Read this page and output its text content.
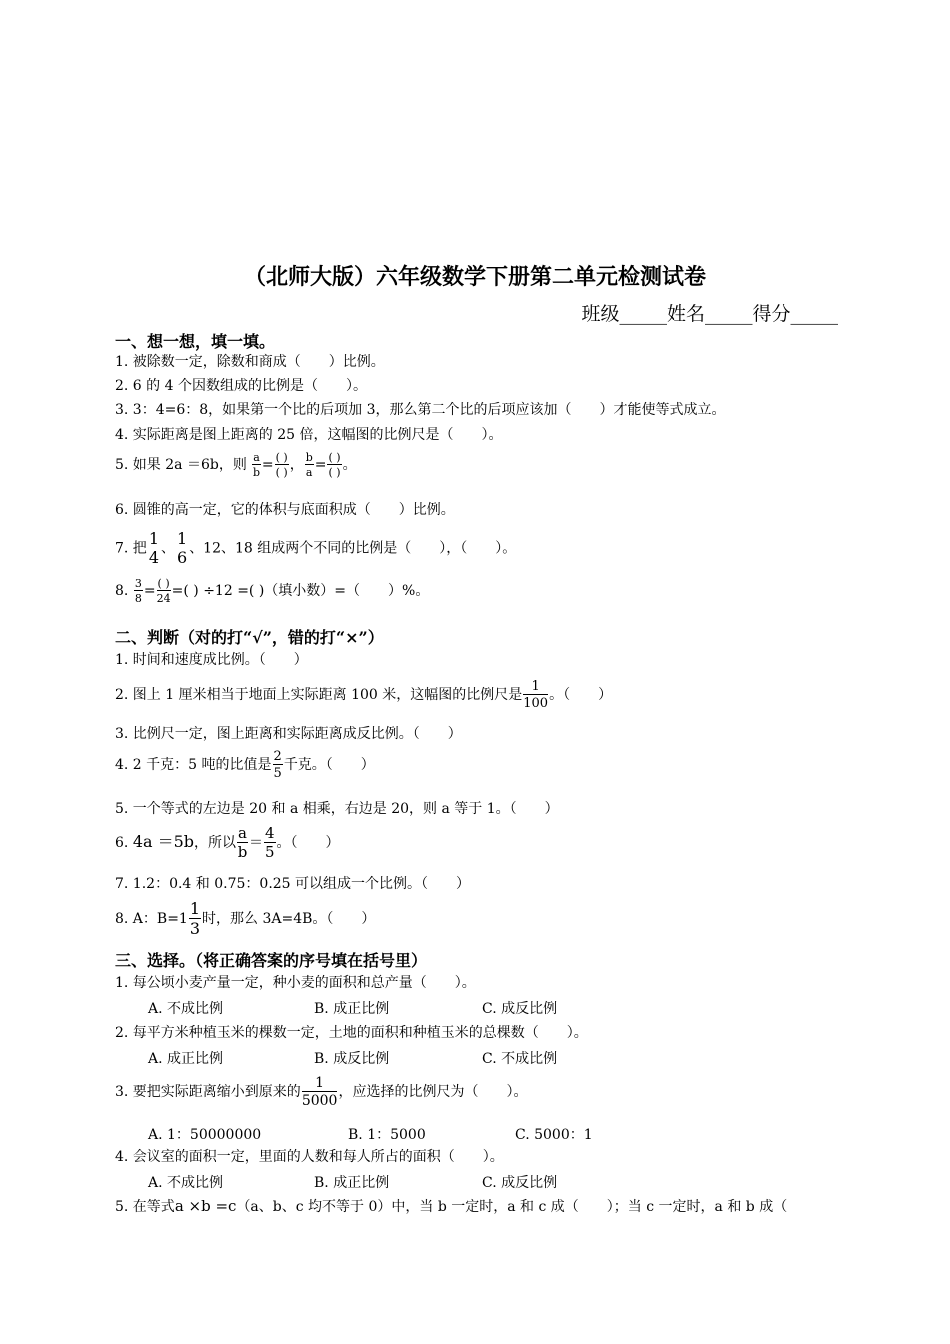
（北师大版）六年级数学下册第二单元检测试卷
班级_____姓名_____得分_____
一、想一想，填一填。
1. 被除数一定，除数和商成（　　）比例。
2. 6 的 4 个因数组成的比例是（　　）。
3. 3：4=6：8，如果第一个比的后项加 3，那么第二个比的后项应该加（　　）才能使等式成立。
4. 实际距离是图上距离的 25 倍，这幅图的比例尺是（　　）。
5. 如果 2a ＝6b，则 $\frac{a}{b} = \frac{( )}{( )}$ ， $\frac{b}{a} = \frac{( )}{( )}$ 。
6. 圆锥的高一定，它的体积与底面积成（　　）比例。
7. 把
1
4 、
1
6 、12、18 组成两个不同的比例是（　　），（　　）。
8. $\frac{3}{8} = \frac{( )}{24}$ =( ) ÷12 =( )（填小数）=（　　）%。
二、判断（对的打“√”，错的打“×”）
1. 时间和速度成比例。（　　）
2. 图上 1 厘米相当于地面上实际距离 100 米，这幅图的比例尺是 $\frac{1}{100}$ 。（　　）
3. 比例尺一定，图上距离和实际距离成反比例。（　　）
4. 2 千克：5 吨的比值是 $\frac{2}{5}$ 千克。（　　）
5. 一个等式的左边是 20 和 a 相乘，右边是 20，则 a 等于 1。（　　）
6. 4a ＝5b，所以 $\frac{a}{b} = \frac{4}{5}$ 。（　　）
7. 1.2：0.4 和 0.75：0.25 可以组成一个比例。（　　）
8. A：$B=1 \frac{1}{3}$ 时，那么 3A=4B。（　　）
三、选择。（将正确答案的序号填在括号里）
1. 每公顷小麦产量一定，种小麦的面积和总产量（　　）。
A. 不成比例	B. 成正比例	C. 成反比例
2. 每平方米种植玉米的棵数一定，土地的面积和种植玉米的总棵数（　　）。
A. 成正比例	B. 成反比例	C. 不成比例
3. 要把实际距离缩小到原来的 $\frac{1}{5000}$ ，应选择的比例尺为（　　）。
A. 1：50000000	B. 1：5000	C. 5000：1
4. 会议室的面积一定，里面的人数和每人所占的面积（　　）。
A. 不成比例	B. 成正比例	C. 成反比例
5. 在等式a ×b =c（a、b、c 均不等于 0）中，当 b 一定时，a 和 c 成（　　）；当 c 一定时，a 和 b 成（
